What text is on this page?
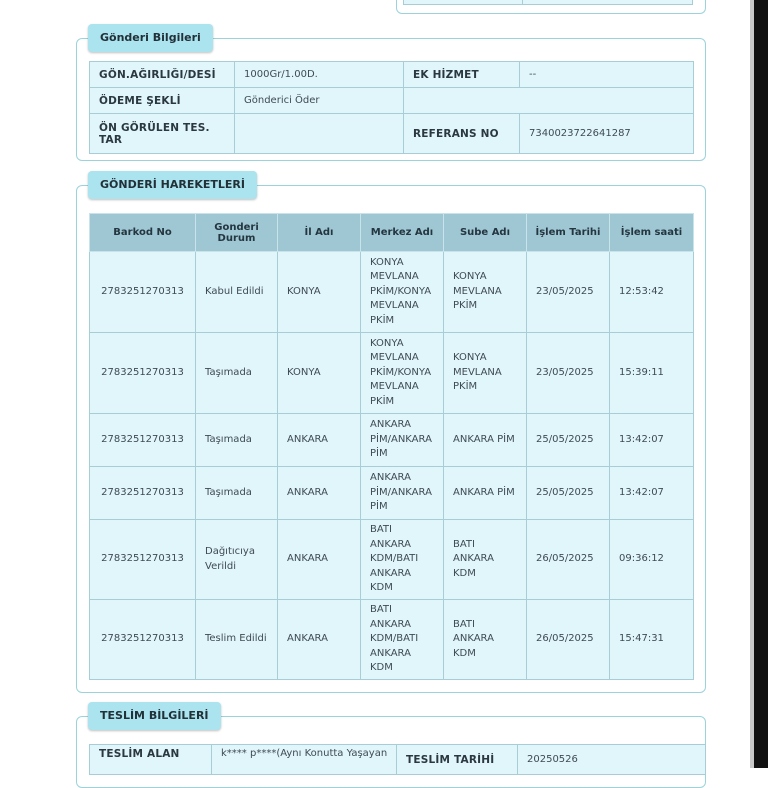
GÖN.AĞIRLIĞI/DESİ	1000Gr/1.00D.	EK HİZMET	--
ÖDEME ŞEKLİ	Gönderici Öder		
ÖN GÖRÜLEN TES. TAR		REFERANS NO	7340023722641287
Gönderi Bilgileri
Barkod No	Gonderi Durum	İl Adı	Merkez Adı	Sube Adı	İşlem Tarihi	İşlem saati
2783251270313	Kabul Edildi	KONYA	KONYA MEVLANA PKİM/KONYA MEVLANA PKİM	KONYA MEVLANA PKİM	23/05/2025	12:53:42
2783251270313	Taşımada	KONYA	KONYA MEVLANA PKİM/KONYA MEVLANA PKİM	KONYA MEVLANA PKİM	23/05/2025	15:39:11
2783251270313	Taşımada	ANKARA	ANKARA PİM/ANKARA PİM	ANKARA PİM	25/05/2025	13:42:07
2783251270313	Taşımada	ANKARA	ANKARA PİM/ANKARA PİM	ANKARA PİM	25/05/2025	13:42:07
2783251270313	Dağıtıcıya Verildi	ANKARA	BATI ANKARA KDM/BATI ANKARA KDM	BATI ANKARA KDM	26/05/2025	09:36:12
2783251270313	Teslim Edildi	ANKARA	BATI ANKARA KDM/BATI ANKARA KDM	BATI ANKARA KDM	26/05/2025	15:47:31
GÖNDERİ HAREKETLERİ
TESLİM ALAN	k**** p****(Aynı Konutta Yaşayan	TESLİM TARİHİ	20250526
TESLİM BİLGİLERİ
